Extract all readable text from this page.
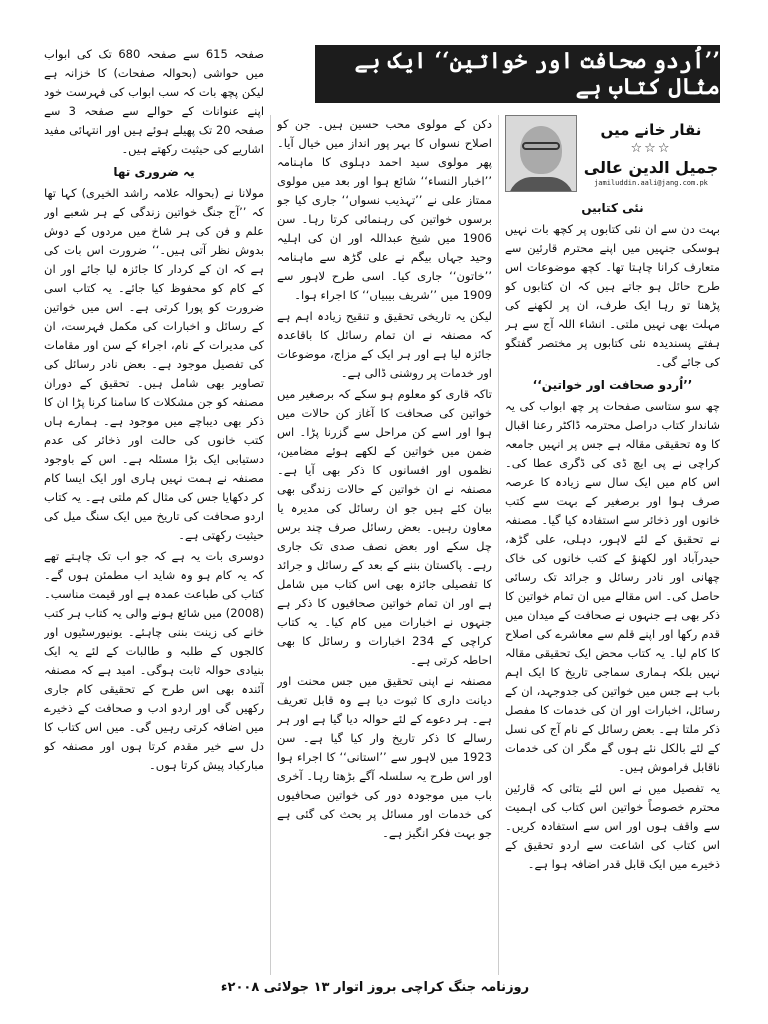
’’اُردو صحافت اور خواتین‘‘ ایک بے مثال کتاب ہے
نقار خانے میں
☆☆☆
جمیل الدین عالی
jamiluddin.aali@jang.com.pk

نئی کتابیں

بہت دن سے ان نئی کتابوں پر کچھ بات نہیں ہوسکی جنہیں میں اپنے محترم قارئین سے متعارف کرانا چاہتا تھا۔ کچھ موضوعات اس طرح حائل ہو جاتے ہیں کہ ان کتابوں کو پڑھنا تو رہا ایک طرف، ان پر لکھنے کی مہلت بھی نہیں ملتی۔ انشاء اللہ آج سے ہر ہفتے پسندیدہ نئی کتابوں پر مختصر گفتگو کی جائے گی۔

’’اُردو صحافت اور خواتین‘‘

چھ سو ستاسی صفحات پر چھ ابواب کی یہ شاندار کتاب دراصل محترمہ ڈاکٹر رعنا اقبال کا وہ تحقیقی مقالہ ہے جس پر انہیں جامعہ کراچی نے پی ایچ ڈی کی ڈگری عطا کی۔ اس کام میں ایک سال سے زیادہ کا عرصہ صرف ہوا اور برصغیر کے بہت سے کتب خانوں اور ذخائر سے استفادہ کیا گیا۔ مصنفہ نے تحقیق کے لئے لاہور، دہلی، علی گڑھ، حیدرآباد اور لکھنؤ کے کتب خانوں کی خاک چھانی اور نادر رسائل و جرائد تک رسائی حاصل کی۔ اس مقالے میں ان تمام خواتین کا ذکر بھی ہے جنہوں نے صحافت کے میدان میں قدم رکھا اور اپنے قلم سے معاشرے کی اصلاح کا کام لیا۔ یہ کتاب محض ایک تحقیقی مقالہ نہیں بلکہ ہماری سماجی تاریخ کا ایک اہم باب ہے جس میں خواتین کی جدوجہد، ان کے رسائل، اخبارات اور ان کی خدمات کا مفصل ذکر ملتا ہے۔ بعض رسائل کے نام آج کی نسل کے لئے بالکل نئے ہوں گے مگر ان کی خدمات ناقابل فراموش ہیں۔

یہ تفصیل میں نے اس لئے بتائی کہ قارئین محترم خصوصاً خواتین اس کتاب کی اہمیت سے واقف ہوں اور اس سے استفادہ کریں۔ اس کتاب کی اشاعت سے اردو تحقیق کے ذخیرے میں ایک قابل قدر اضافہ ہوا ہے۔

دکن کے مولوی محب حسین ہیں۔ جن کو اصلاح نسواں کا بہر پور انداز میں خیال آیا۔ پھر مولوی سید احمد دہلوی کا ماہنامہ ’’اخبار النساء‘‘ شائع ہوا اور بعد میں مولوی ممتاز علی نے ’’تہذیب نسواں‘‘ جاری کیا جو برسوں خواتین کی رہنمائی کرتا رہا۔ سن 1906 میں شیخ عبداللہ اور ان کی اہلیہ وحید جہاں بیگم نے علی گڑھ سے ماہنامہ ’’خاتون‘‘ جاری کیا۔ اسی طرح لاہور سے 1909 میں ’’شریف بیبیاں‘‘ کا اجراء ہوا۔

لیکن یہ تاریخی تحقیق و تنقیح زیادہ اہم ہے کہ مصنفہ نے ان تمام رسائل کا باقاعدہ جائزہ لیا ہے اور ہر ایک کے مزاج، موضوعات اور خدمات پر روشنی ڈالی ہے۔

تاکہ قاری کو معلوم ہو سکے کہ برصغیر میں خواتین کی صحافت کا آغاز کن حالات میں ہوا اور اسے کن مراحل سے گزرنا پڑا۔ اس ضمن میں خواتین کے لکھے ہوئے مضامین، نظموں اور افسانوں کا ذکر بھی آیا ہے۔ مصنفہ نے ان خواتین کے حالات زندگی بھی بیان کئے ہیں جو ان رسائل کی مدیرہ یا معاون رہیں۔ بعض رسائل صرف چند برس چل سکے اور بعض نصف صدی تک جاری رہے۔ پاکستان بننے کے بعد کے رسائل و جرائد کا تفصیلی جائزہ بھی اس کتاب میں شامل ہے اور ان تمام خواتین صحافیوں کا ذکر ہے جنہوں نے اخبارات میں کام کیا۔ یہ کتاب کراچی کے 234 اخبارات و رسائل کا بھی احاطہ کرتی ہے۔

مصنفہ نے اپنی تحقیق میں جس محنت اور دیانت داری کا ثبوت دیا ہے وہ قابل تعریف ہے۔ ہر دعوے کے لئے حوالہ دیا گیا ہے اور ہر رسالے کا ذکر تاریخ وار کیا گیا ہے۔ سن 1923 میں لاہور سے ’’استانی‘‘ کا اجراء ہوا اور اس طرح یہ سلسلہ آگے بڑھتا رہا۔ آخری باب میں موجودہ دور کی خواتین صحافیوں کی خدمات اور مسائل پر بحث کی گئی ہے جو بہت فکر انگیز ہے۔

صفحہ 615 سے صفحہ 680 تک کی ابواب میں حواشی (بحوالہ صفحات) کا خزانہ ہے لیکن پچھ بات کہ سب ابواب کی فہرست خود اپنے عنوانات کے حوالے سے صفحہ 3 سے صفحہ 20 تک پھیلے ہوئے ہیں اور انتہائی مفید اشاریے کی حیثیت رکھتے ہیں۔

یہ ضروری تھا

مولانا نے (بحوالہ علامہ راشد الخیری) کہا تھا کہ ’’آج جنگ خواتین زندگی کے ہر شعبے اور علم و فن کی ہر شاخ میں مردوں کے دوش بدوش نظر آتی ہیں۔‘‘ ضرورت اس بات کی ہے کہ ان کے کردار کا جائزہ لیا جائے اور ان کے کام کو محفوظ کیا جائے۔ یہ کتاب اسی ضرورت کو پورا کرتی ہے۔ اس میں خواتین کے رسائل و اخبارات کی مکمل فہرست، ان کی مدیرات کے نام، اجراء کے سن اور مقامات کی تفصیل موجود ہے۔ بعض نادر رسائل کی تصاویر بھی شامل ہیں۔ تحقیق کے دوران مصنفہ کو جن مشکلات کا سامنا کرنا پڑا ان کا ذکر بھی دیباچے میں موجود ہے۔ ہمارے ہاں کتب خانوں کی حالت اور ذخائر کی عدم دستیابی ایک بڑا مسئلہ ہے۔ اس کے باوجود مصنفہ نے ہمت نہیں ہاری اور ایک ایسا کام کر دکھایا جس کی مثال کم ملتی ہے۔ یہ کتاب اردو صحافت کی تاریخ میں ایک سنگ میل کی حیثیت رکھتی ہے۔

دوسری بات یہ ہے کہ جو اب تک چاہتے تھے کہ یہ کام ہو وہ شاید اب مطمئن ہوں گے۔ کتاب کی طباعت عمدہ ہے اور قیمت مناسب۔ (2008) میں شائع ہونے والی یہ کتاب ہر کتب خانے کی زینت بننی چاہئے۔ یونیورسٹیوں اور کالجوں کے طلبہ و طالبات کے لئے یہ ایک بنیادی حوالہ ثابت ہوگی۔ امید ہے کہ مصنفہ آئندہ بھی اس طرح کے تحقیقی کام جاری رکھیں گی اور اردو ادب و صحافت کے ذخیرے میں اضافہ کرتی رہیں گی۔ میں اس کتاب کا دل سے خیر مقدم کرتا ہوں اور مصنفہ کو مبارکباد پیش کرتا ہوں۔

روزنامہ جنگ کراچی بروز اتوار ۱۳ جولائی ۲۰۰۸ء
